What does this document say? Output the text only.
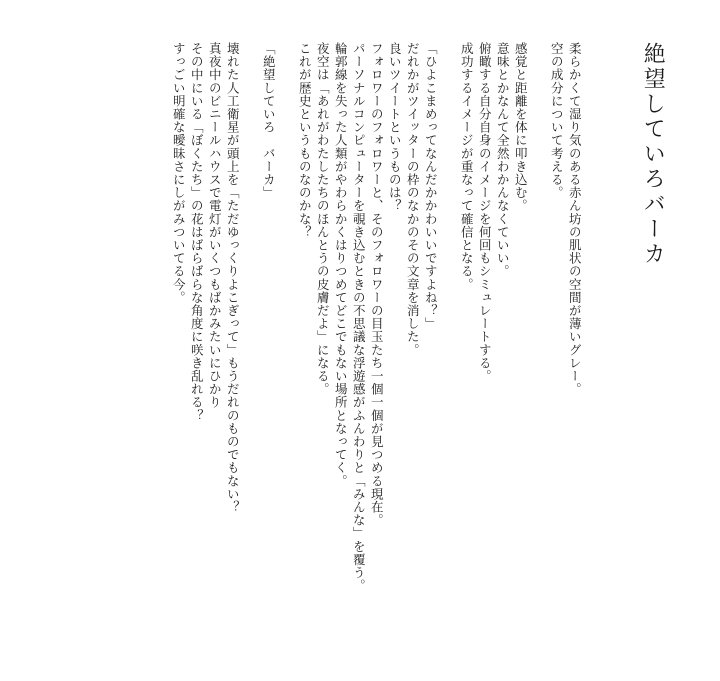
絶望していろバーカ
柔らかくて湿り気のある赤ん坊の肌状の空間が薄いグレー。
空の成分について考える。
感覚と距離を体に叩き込む。
意味とかなんて全然わかんなくていい。
俯瞰する自分自身のイメージを何回もシミュレートする。
成功するイメージが重なって確信となる。
「ひよこまめってなんだかかわいいですよね？」
だれかがツイッターの枠のなかのその文章を消した。
良いツイートというものは？
フォロワーのフォロワーと、そのフォロワーの目玉たち一個一個が見つめる現在。
パーソナルコンピューターを覗き込むときの不思議な浮遊感がふんわりと「みんな」を覆う。
輪郭線を失った人類がやわらかくはりつめてどこでもない場所となってく。
夜空は「あれがわたしたちのほんとうの皮膚だよ」になる。
これが歴史というものなのかな？
「絶望していろ　バーカ」
壊れた人工衛星が頭上を「ただゆっくりよこぎって」もうだれのものでもない？
真夜中のビニールハウスで電灯がいくつもばかみたいにひかり
その中にいる「ぼくたち」の花はばらばらな角度に咲き乱れる？
すっごい明確な曖昧さにしがみついてる今。
